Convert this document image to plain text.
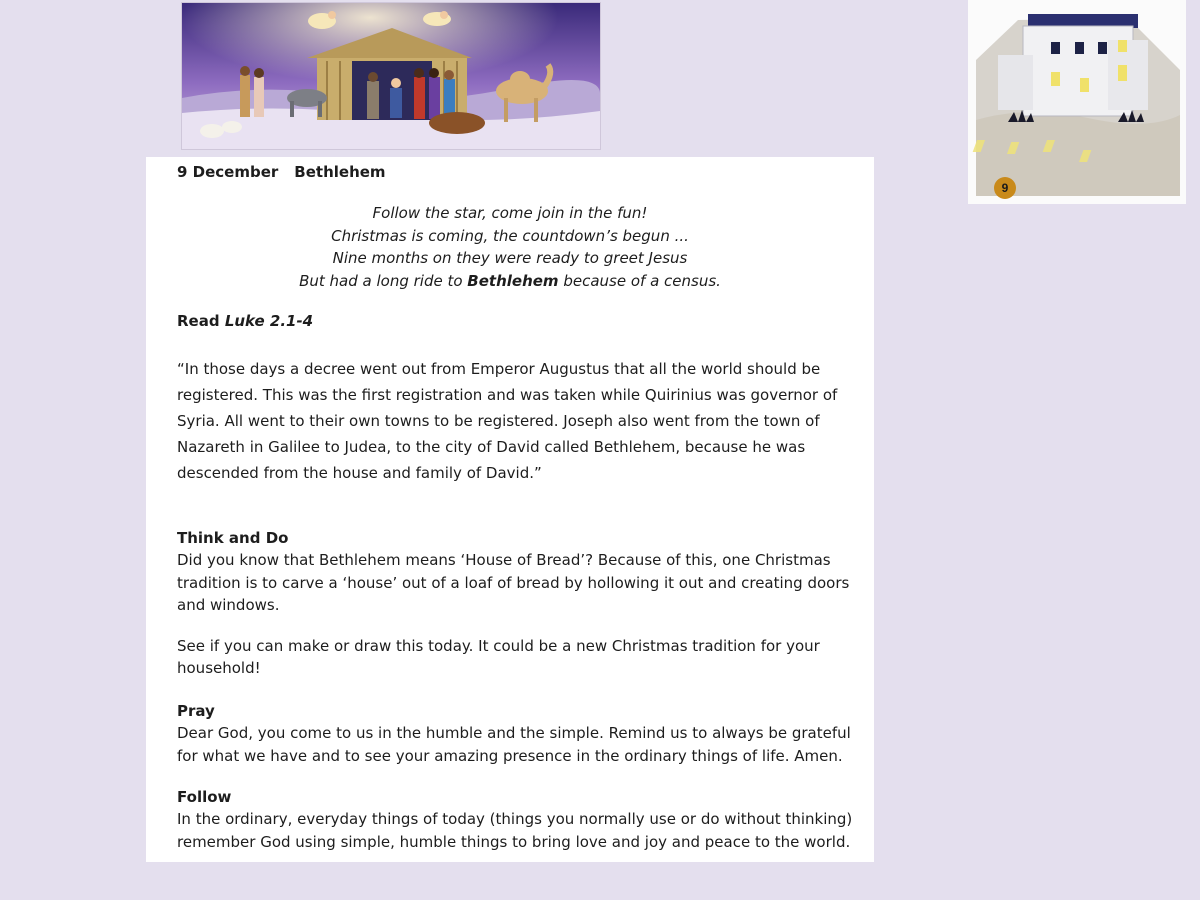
9
9 December Bethlehem
Follow the star, come join in the fun!
Christmas is coming, the countdown’s begun ...
Nine months on they were ready to greet Jesus
But had a long ride to Bethlehem because of a census.
Read Luke 2.1-4
“In those days a decree went out from Emperor Augustus that all the world should be
registered. This was the first registration and was taken while Quirinius was governor of
Syria. All went to their own towns to be registered. Joseph also went from the town of
Nazareth in Galilee to Judea, to the city of David called Bethlehem, because he was
descended from the house and family of David.”
Think and Do
Did you know that Bethlehem means ‘House of Bread’? Because of this, one Christmas
tradition is to carve a ‘house’ out of a loaf of bread by hollowing it out and creating doors
and windows.
See if you can make or draw this today. It could be a new Christmas tradition for your
household!
Pray
Dear God, you come to us in the humble and the simple. Remind us to always be grateful
for what we have and to see your amazing presence in the ordinary things of life. Amen.
Follow
In the ordinary, everyday things of today (things you normally use or do without thinking)
remember God using simple, humble things to bring love and joy and peace to the world.
